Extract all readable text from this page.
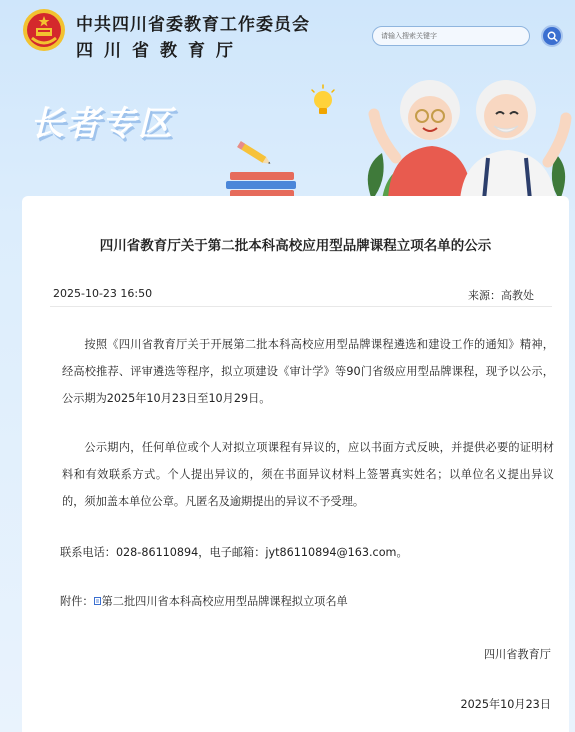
中共四川省委教育工作委员会
四川省教育厅
请输入搜索关键字
长者专区
四川省教育厅关于第二批本科高校应用型品牌课程立项名单的公示
2025-10-23 16:50	来源：高教处

按照《四川省教育厅关于开展第二批本科高校应用型品牌课程遴选和建设工作的通知》精神，经高校推荐、评审遴选等程序，拟立项建设《审计学》等90门省级应用型品牌课程，现予以公示，公示期为2025年10月23日至10月29日。

公示期内，任何单位或个人对拟立项课程有异议的，应以书面方式反映，并提供必要的证明材料和有效联系方式。个人提出异议的，须在书面异议材料上签署真实姓名；以单位名义提出异议的，须加盖本单位公章。凡匿名及逾期提出的异议不予受理。

联系电话：028-86110894，电子邮箱：jyt86110894@163.com。
附件： 第二批四川省本科高校应用型品牌课程拟立项名单
四川省教育厅
2025年10月23日
